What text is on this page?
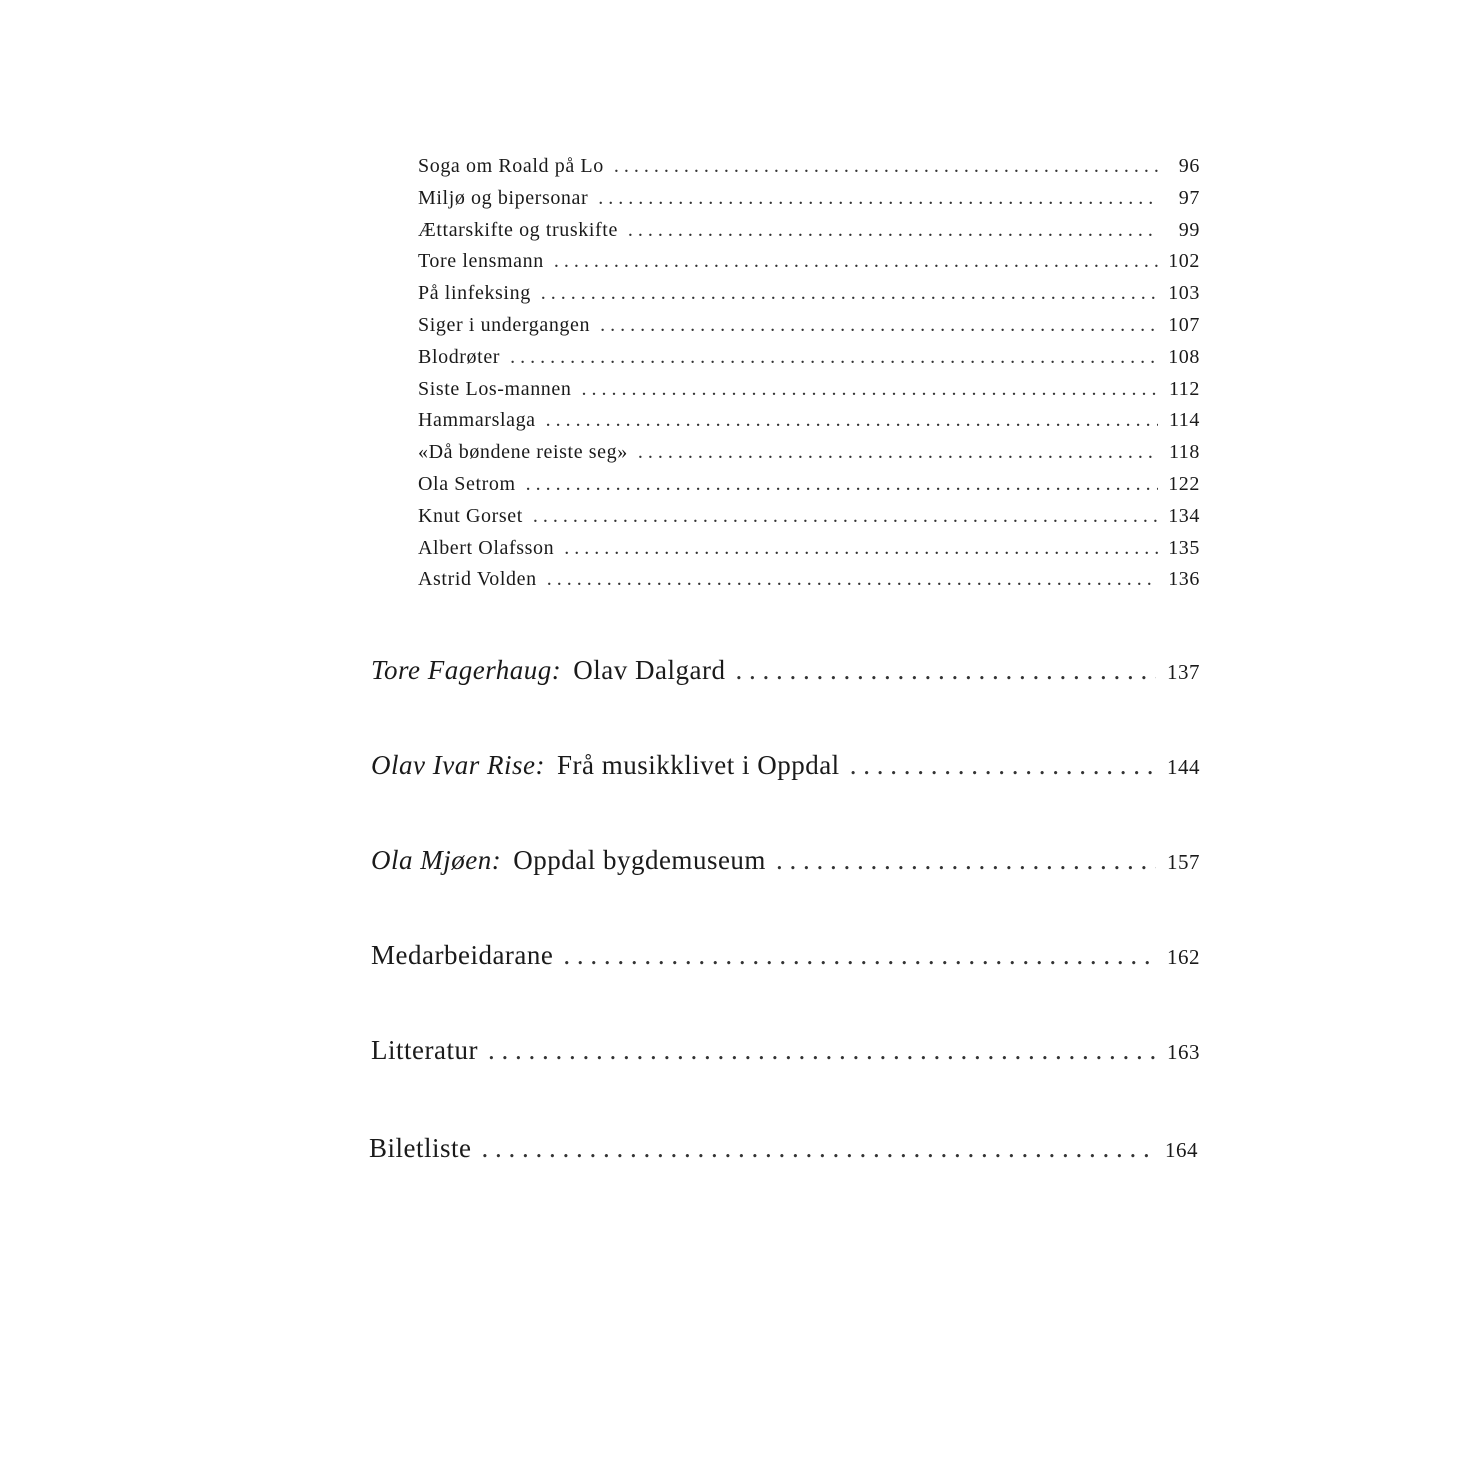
Soga om Roald på Lo . . .	96
Miljø og bipersonar . . .	97
Ættarskifte og truskifte . . .	99
Tore lensmann . . .	102
På linfeksing . . .	103
Siger i undergangen . . .	107
Blodrøter . . .	108
Siste Los-mannen . . .	112
Hammarslaga . . .	114
«Då bøndene reiste seg» . . .	118
Ola Setrom . . .	122
Knut Gorset . . .	134
Albert Olafsson . . .	135
Astrid Volden . . .	136
Tore Fagerhaug: Olav Dalgard . . .	137
Olav Ivar Rise: Frå musikklivet i Oppdal . . .	144
Ola Mjøen: Oppdal bygdemuseum . . .	157
Medarbeidarane . . .	162
Litteratur . . .	163
Biletliste . . .	164
